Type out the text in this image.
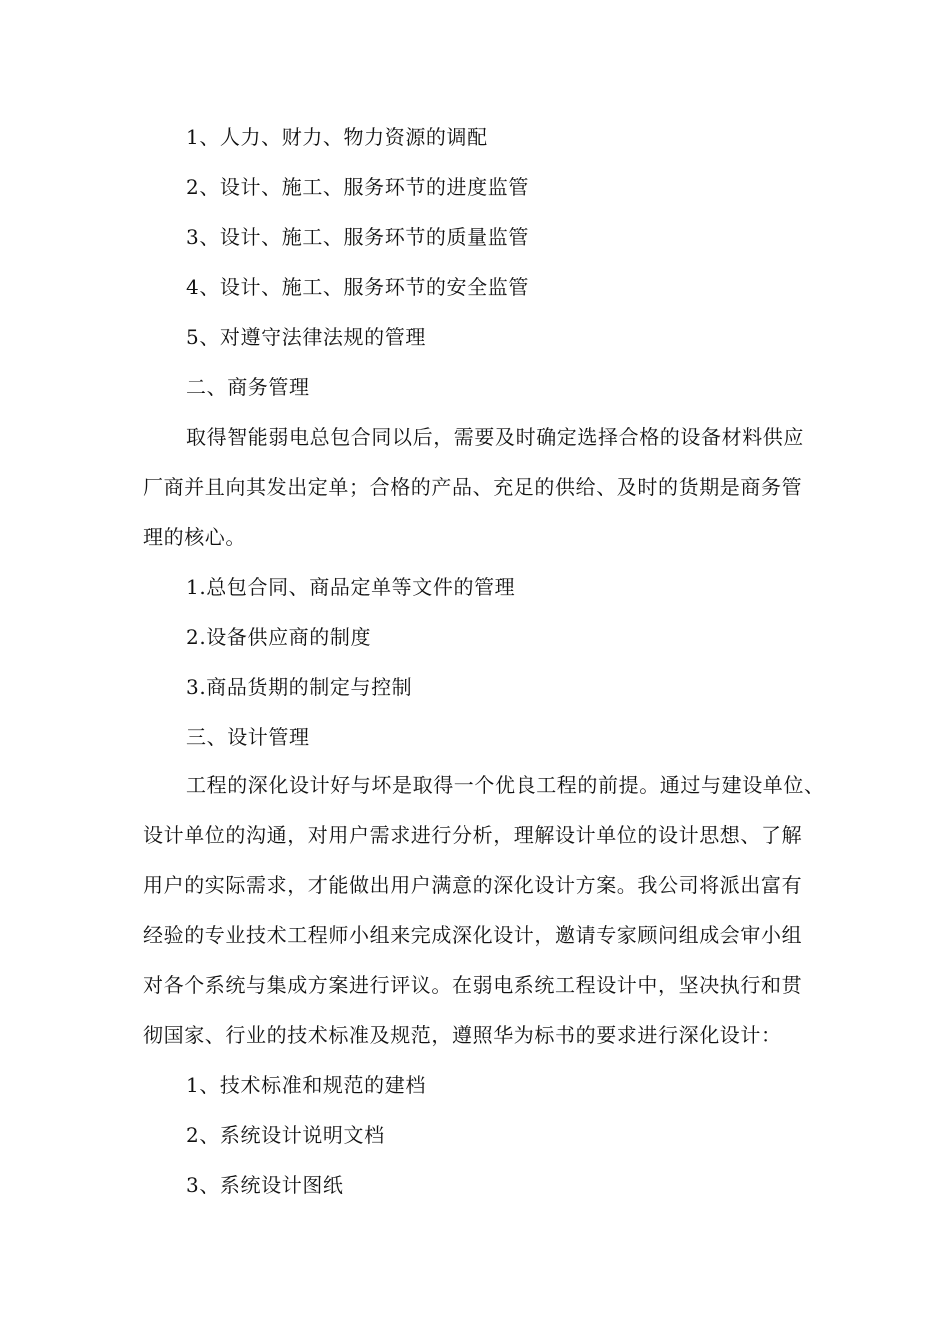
1、人力、财力、物力资源的调配
2、设计、施工、服务环节的进度监管
3、设计、施工、服务环节的质量监管
4、设计、施工、服务环节的安全监管
5、对遵守法律法规的管理
二、商务管理
取得智能弱电总包合同以后，需要及时确定选择合格的设备材料供应
厂商并且向其发出定单；合格的产品、充足的供给、及时的货期是商务管
理的核心。
1.总包合同、商品定单等文件的管理
2.设备供应商的制度
3.商品货期的制定与控制
三、设计管理
工程的深化设计好与坏是取得一个优良工程的前提。通过与建设单位、
设计单位的沟通，对用户需求进行分析，理解设计单位的设计思想、了解
用户的实际需求，才能做出用户满意的深化设计方案。我公司将派出富有
经验的专业技术工程师小组来完成深化设计，邀请专家顾问组成会审小组
对各个系统与集成方案进行评议。在弱电系统工程设计中，坚决执行和贯
彻国家、行业的技术标准及规范，遵照华为标书的要求进行深化设计：
1、技术标准和规范的建档
2、系统设计说明文档
3、系统设计图纸
